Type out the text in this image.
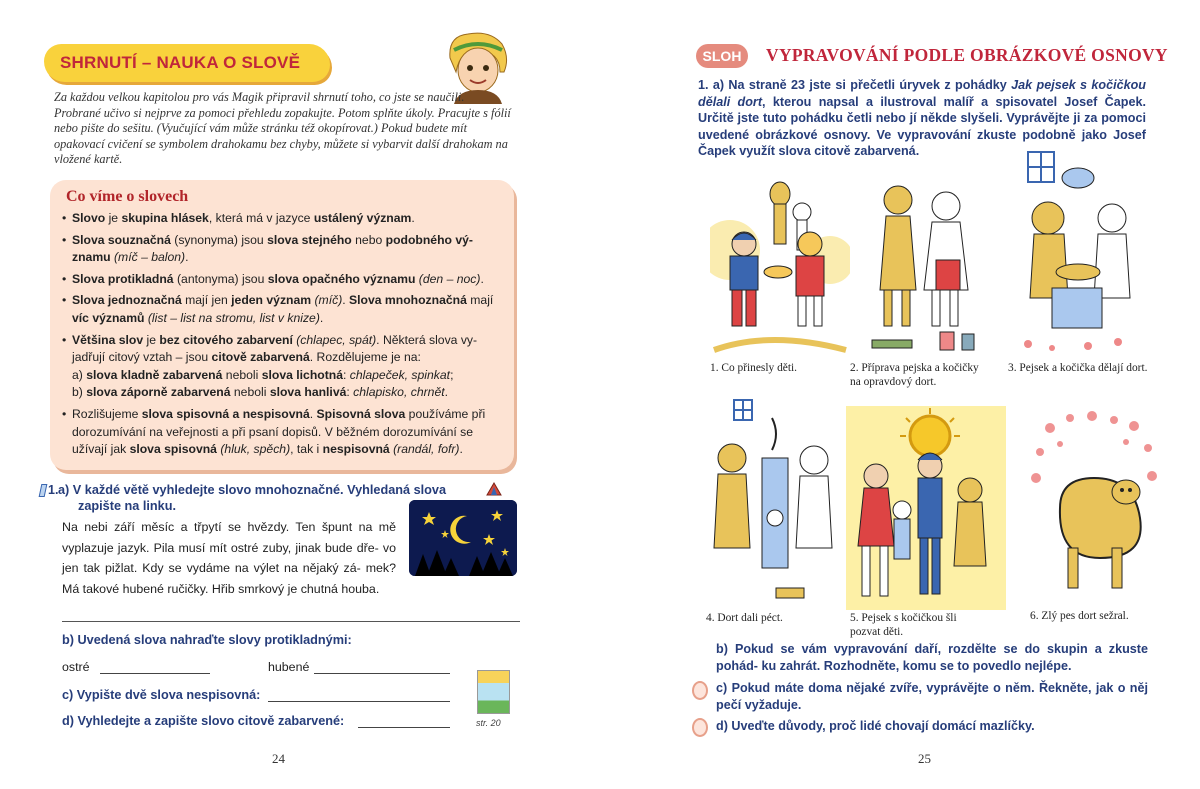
SHRNUTÍ – NAUKA O SLOVĚ

Za každou velkou kapitolou pro vás Magik připravil shrnutí toho, co jste se naučili. Probrané učivo si nejprve za pomoci přehledu zopakujte. Potom splňte úkoly. Pracujte s fólií nebo pište do sešitu. (Vyučující vám může stránku též okopírovat.) Pokud budete mít opakovací cvičení se symbolem drahokamu bez chyby, můžete si vybarvit další drahokam na vložené kartě.

Co víme o slovech
• Slovo je skupina hlásek, která má v jazyce ustálený význam.
• Slova souznačná (synonyma) jsou slova stejného nebo podobného vý- znamu (míč – balon).
• Slova protikladná (antonyma) jsou slova opačného významu (den – noc).
• Slova jednoznačná mají jen jeden význam (míč). Slova mnohoznačná mají víc významů (list – list na stromu, list v knize).
• Většina slov je bez citového zabarvení (chlapec, spát). Některá slova vy- jadřují citový vztah – jsou citově zabarvená. Rozdělujeme je na:
a) slova kladně zabarvená neboli slova lichotná: chlapeček, spinkat;
b) slova záporně zabarvená neboli slova hanlivá: chlapisko, chrnět.
• Rozlišujeme slova spisovná a nespisovná. Spisovná slova používáme při dorozumívání na veřejnosti a při psaní dopisů. V běžném dorozumívání se užívají jak slova spisovná (hluk, spěch), tak i nespisovná (randál, fofr).
1. a) V každé větě vyhledejte slovo mnohoznačné. Vyhledaná slova
zapište na linku.

Na nebi září měsíc a třpytí se hvězdy. Ten špunt na mě vyplazuje jazyk. Pila musí mít ostré zuby, jinak bude dře- vo jen tak pižlat. Kdy se vydáme na výlet na nějaký zá- mek? Má takové hubené ručičky. Hřib smrkový je chutná houba.

b) Uvedená slova nahraďte slovy protikladnými:
ostré	hubené
c) Vypište dvě slova nespisovná:
d) Vyhledejte a zapište slovo citově zabarvené:	str. 20
24
SLOH	VYPRAVOVÁNÍ PODLE OBRÁZKOVÉ OSNOVY
1. a) Na straně 23 jste si přečetli úryvek z pohádky Jak pejsek s kočičkou dělali dort, kterou napsal a ilustroval malíř a spisovatel Josef Čapek. Určitě jste tuto pohádku četli nebo jí někde slyšeli. Vyprávějte ji za pomoci uvedené obrázkové osnovy. Ve vypravování zkuste podobně jako Josef Čapek využít slova citově zabarvená.
1. Co přinesly děti.	2. Příprava pejska a kočičky na opravdový dort.
3. Pejsek a kočička dělají dort.
4. Dort dali péct.	5. Pejsek s kočičkou šli pozvat děti.
6. Zlý pes dort sežral.
b) Pokud se vám vypravování daří, rozdělte se do skupin a zkuste pohád- ku zahrát. Rozhodněte, komu se to povedlo nejlépe.
c) Pokud máte doma nějaké zvíře, vyprávějte o něm. Řekněte, jak o něj pečí vyžaduje.
d) Uveďte důvody, proč lidé chovají domácí mazlíčky.
25
